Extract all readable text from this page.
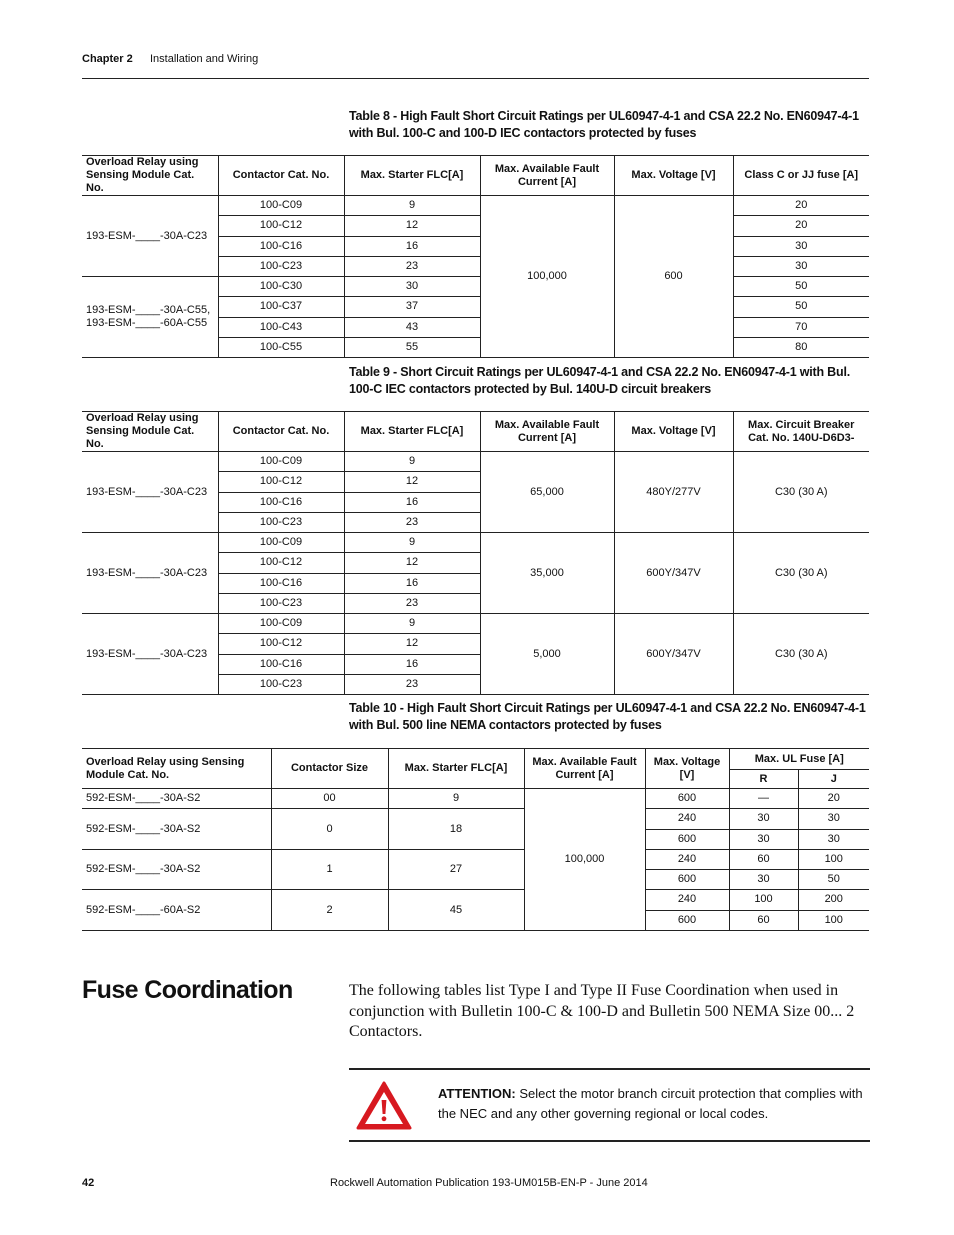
Chapter 2 Installation and Wiring
Table 8 - High Fault Short Circuit Ratings per UL60947-4-1 and CSA 22.2 No. EN60947-4-1 with Bul. 100-C and 100-D IEC contactors protected by fuses
Overload Relay using Sensing Module Cat. No.	Contactor Cat. No.	Max. Starter FLC[A]	Max. Available Fault Current [A]	Max. Voltage [V]	Class C or JJ fuse [A]
193-ESM-____-30A-C23	100-C09	9	100,000	600	20
	100-C12	12			20
	100-C16	16			30
	100-C23	23			30
193-ESM-____-30A-C55,
193-ESM-____-60A-C55	100-C30	30			50
	100-C37	37			50
	100-C43	43			70
	100-C55	55			80
Table 9 - Short Circuit Ratings per UL60947-4-1 and CSA 22.2 No. EN60947-4-1 with Bul. 100-C IEC contactors protected by Bul. 140U-D circuit breakers
Overload Relay using Sensing Module Cat. No.	Contactor Cat. No.	Max. Starter FLC[A]	Max. Available Fault Current [A]	Max. Voltage [V]	Max. Circuit Breaker Cat. No. 140U-D6D3-
193-ESM-____-30A-C23	100-C09	9	65,000	480Y/277V	C30 (30 A)
	100-C12	12			
	100-C16	16			
	100-C23	23			
193-ESM-____-30A-C23	100-C09	9	35,000	600Y/347V	C30 (30 A)
	100-C12	12			
	100-C16	16			
	100-C23	23			
193-ESM-____-30A-C23	100-C09	9	5,000	600Y/347V	C30 (30 A)
	100-C12	12			
	100-C16	16			
	100-C23	23			
Table 10 - High Fault Short Circuit Ratings per UL60947-4-1 and CSA 22.2 No. EN60947-4-1 with Bul. 500 line NEMA contactors protected by fuses
Overload Relay using Sensing Module Cat. No.	Contactor Size	Max. Starter FLC[A]	Max. Available Fault Current [A]	Max. Voltage [V]	Max. UL Fuse [A]	
					R	J
592-ESM-____-30A-S2	00	9	100,000	600	—	20
592-ESM-____-30A-S2	0	18		240	30	30
				600	30	30
592-ESM-____-30A-S2	1	27		240	60	100
				600	30	50
592-ESM-____-60A-S2	2	45		240	100	200
				600	60	100
Fuse Coordination	The following tables list Type I and Type II Fuse Coordination when used in conjunction with Bulletin 100-C & 100-D and Bulletin 500 NEMA Size 00... 2 Contactors.
ATTENTION: Select the motor branch circuit protection that complies with the NEC and any other governing regional or local codes.
42	Rockwell Automation Publication 193-UM015B-EN-P - June 2014
